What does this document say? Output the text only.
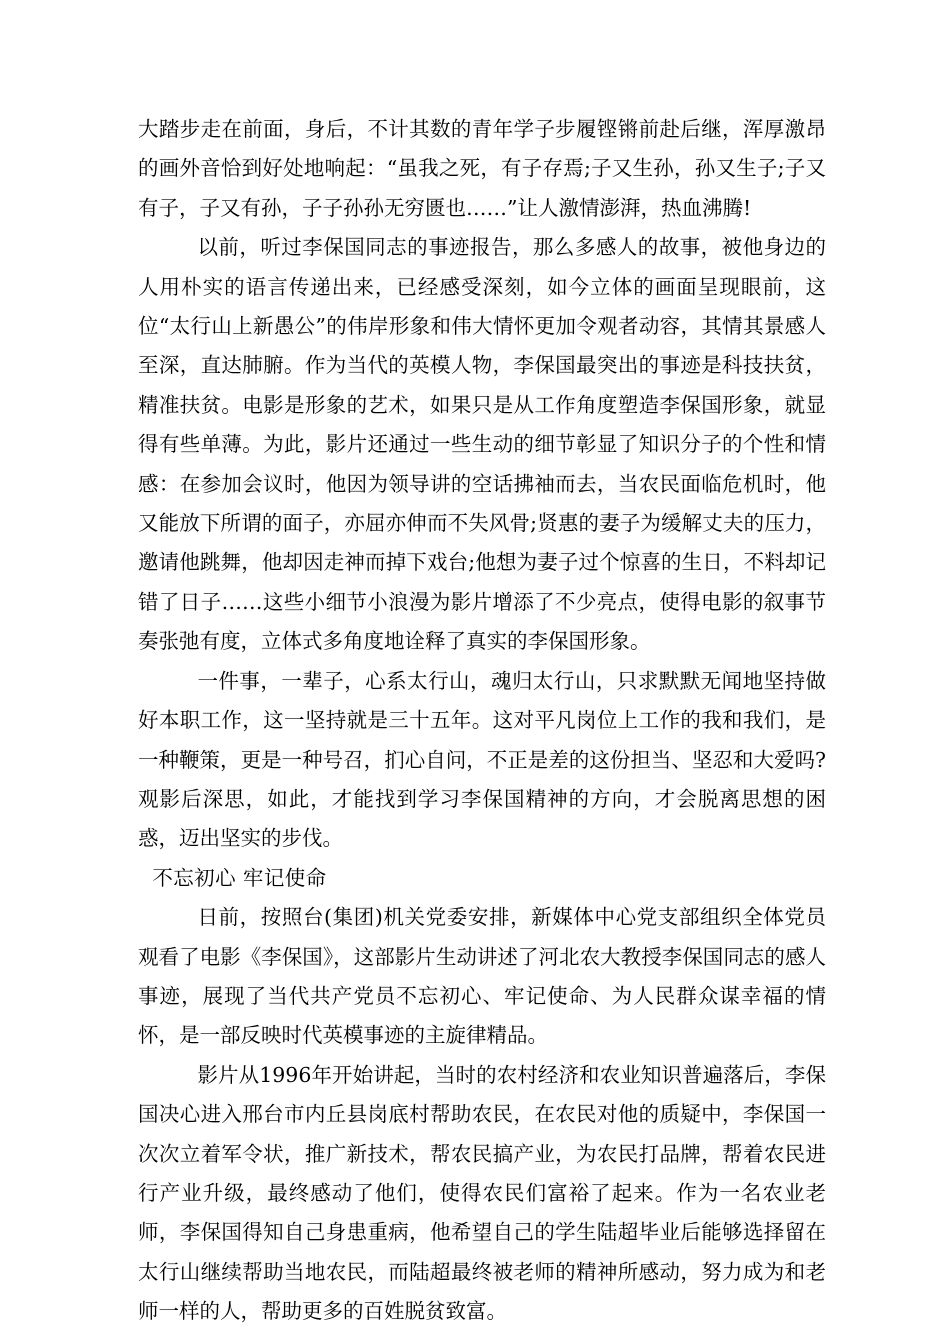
大踏步走在前面，身后，不计其数的青年学子步履铿锵前赴后继，浑厚激昂的画外音恰到好处地响起：“虽我之死，有子存焉;子又生孙，孙又生子;子又有子，子又有孙，子子孙孙无穷匮也……”让人激情澎湃，热血沸腾!

以前，听过李保国同志的事迹报告，那么多感人的故事，被他身边的人用朴实的语言传递出来，已经感受深刻，如今立体的画面呈现眼前，这位“太行山上新愚公”的伟岸形象和伟大情怀更加令观者动容，其情其景感人至深，直达肺腑。作为当代的英模人物，李保国最突出的事迹是科技扶贫，精准扶贫。电影是形象的艺术，如果只是从工作角度塑造李保国形象，就显得有些单薄。为此，影片还通过一些生动的细节彰显了知识分子的个性和情感：在参加会议时，他因为领导讲的空话拂袖而去，当农民面临危机时，他又能放下所谓的面子，亦屈亦伸而不失风骨;贤惠的妻子为缓解丈夫的压力，邀请他跳舞，他却因走神而掉下戏台;他想为妻子过个惊喜的生日，不料却记错了日子……这些小细节小浪漫为影片增添了不少亮点，使得电影的叙事节奏张弛有度，立体式多角度地诠释了真实的李保国形象。

一件事，一辈子，心系太行山，魂归太行山，只求默默无闻地坚持做好本职工作，这一坚持就是三十五年。这对平凡岗位上工作的我和我们，是一种鞭策，更是一种号召，扪心自问，不正是差的这份担当、坚忍和大爱吗?观影后深思，如此，才能找到学习李保国精神的方向，才会脱离思想的困惑，迈出坚实的步伐。

不忘初心 牢记使命

日前，按照台(集团)机关党委安排，新媒体中心党支部组织全体党员观看了电影《李保国》，这部影片生动讲述了河北农大教授李保国同志的感人事迹，展现了当代共产党员不忘初心、牢记使命、为人民群众谋幸福的情怀，是一部反映时代英模事迹的主旋律精品。

影片从1996年开始讲起，当时的农村经济和农业知识普遍落后，李保国决心进入邢台市内丘县岗底村帮助农民，在农民对他的质疑中，李保国一次次立着军令状，推广新技术，帮农民搞产业，为农民打品牌，帮着农民进行产业升级，最终感动了他们，使得农民们富裕了起来。作为一名农业老师，李保国得知自己身患重病，他希望自己的学生陆超毕业后能够选择留在太行山继续帮助当地农民，而陆超最终被老师的精神所感动，努力成为和老师一样的人，帮助更多的百姓脱贫致富。
